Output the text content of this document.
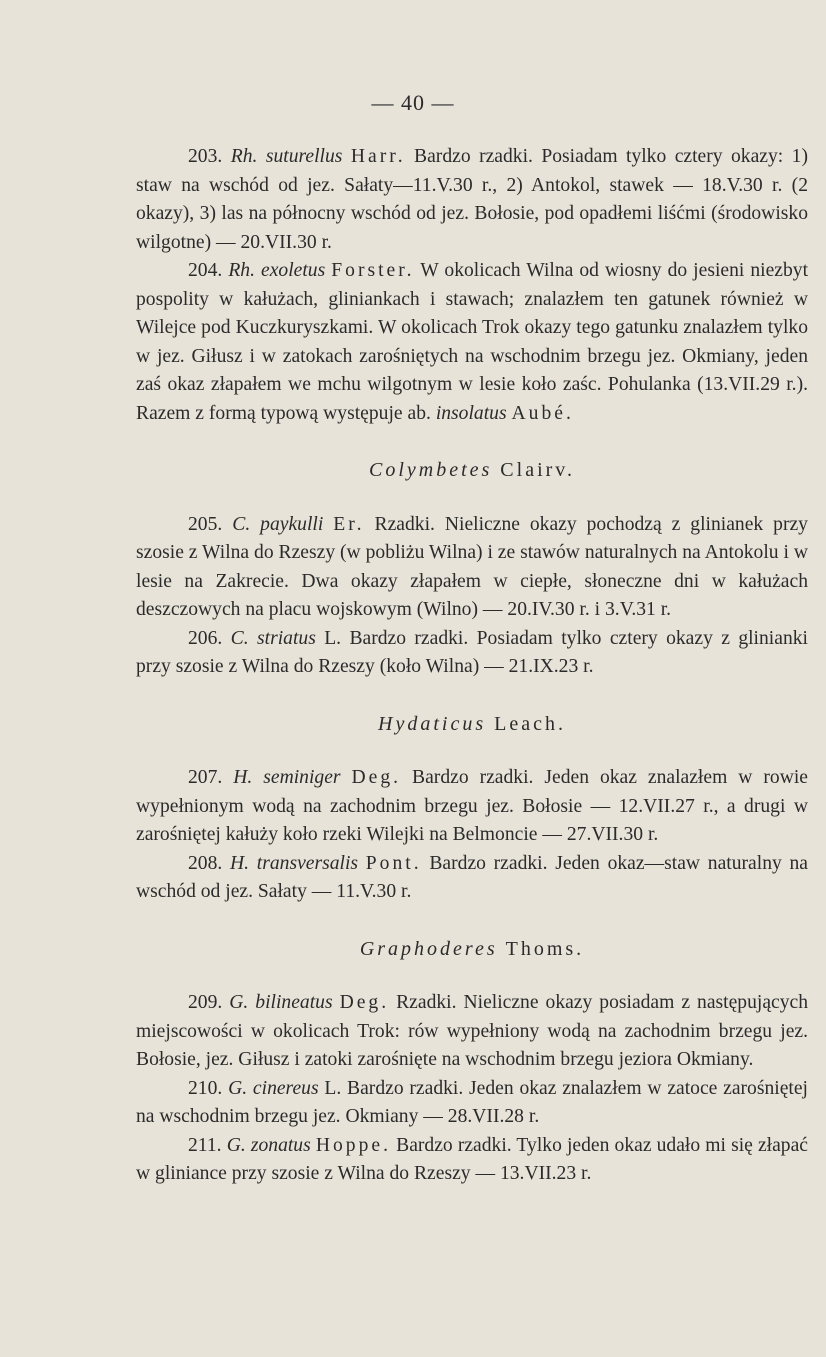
— 40 —

203. Rh. suturellus Harr. Bardzo rzadki. Posiadam tylko cztery okazy: 1) staw na wschód od jez. Sałaty—11.V.30 r., 2) Antokol, stawek — 18.V.30 r. (2 okazy), 3) las na północny wschód od jez. Bołosie, pod opadłemi liśćmi (środowisko wilgotne) — 20.VII.30 r.

204. Rh. exoletus Forster. W okolicach Wilna od wiosny do jesieni niezbyt pospolity w kałużach, gliniankach i stawach; znalazłem ten gatunek również w Wilejce pod Kuczkuryszkami. W okolicach Trok okazy tego gatunku znalazłem tylko w jez. Giłusz i w zatokach zarośniętych na wschodnim brzegu jez. Okmiany, jeden zaś okaz złapałem we mchu wilgotnym w lesie koło zaśc. Pohulanka (13.VII.29 r.). Razem z formą typową występuje ab. insolatus Aubé.

Colymbetes Clairv.

205. C. paykulli Er. Rzadki. Nieliczne okazy pochodzą z glinianek przy szosie z Wilna do Rzeszy (w pobliżu Wilna) i ze stawów naturalnych na Antokolu i w lesie na Zakrecie. Dwa okazy złapałem w ciepłe, słoneczne dni w kałużach deszczowych na placu wojskowym (Wilno) — 20.IV.30 r. i 3.V.31 r.

206. C. striatus L. Bardzo rzadki. Posiadam tylko cztery okazy z glinianki przy szosie z Wilna do Rzeszy (koło Wilna) — 21.IX.23 r.

Hydaticus Leach.

207. H. seminiger Deg. Bardzo rzadki. Jeden okaz znalazłem w rowie wypełnionym wodą na zachodnim brzegu jez. Bołosie — 12.VII.27 r., a drugi w zarośniętej kałuży koło rzeki Wilejki na Belmoncie — 27.VII.30 r.

208. H. transversalis Pont. Bardzo rzadki. Jeden okaz—staw naturalny na wschód od jez. Sałaty — 11.V.30 r.

Graphoderes Thoms.

209. G. bilineatus Deg. Rzadki. Nieliczne okazy posiadam z następujących miejscowości w okolicach Trok: rów wypełniony wodą na zachodnim brzegu jez. Bołosie, jez. Giłusz i zatoki zarośnięte na wschodnim brzegu jeziora Okmiany.

210. G. cinereus L. Bardzo rzadki. Jeden okaz znalazłem w zatoce zarośniętej na wschodnim brzegu jez. Okmiany — 28.VII.28 r.

211. G. zonatus Hoppe. Bardzo rzadki. Tylko jeden okaz udało mi się złapać w gliniance przy szosie z Wilna do Rzeszy — 13.VII.23 r.
